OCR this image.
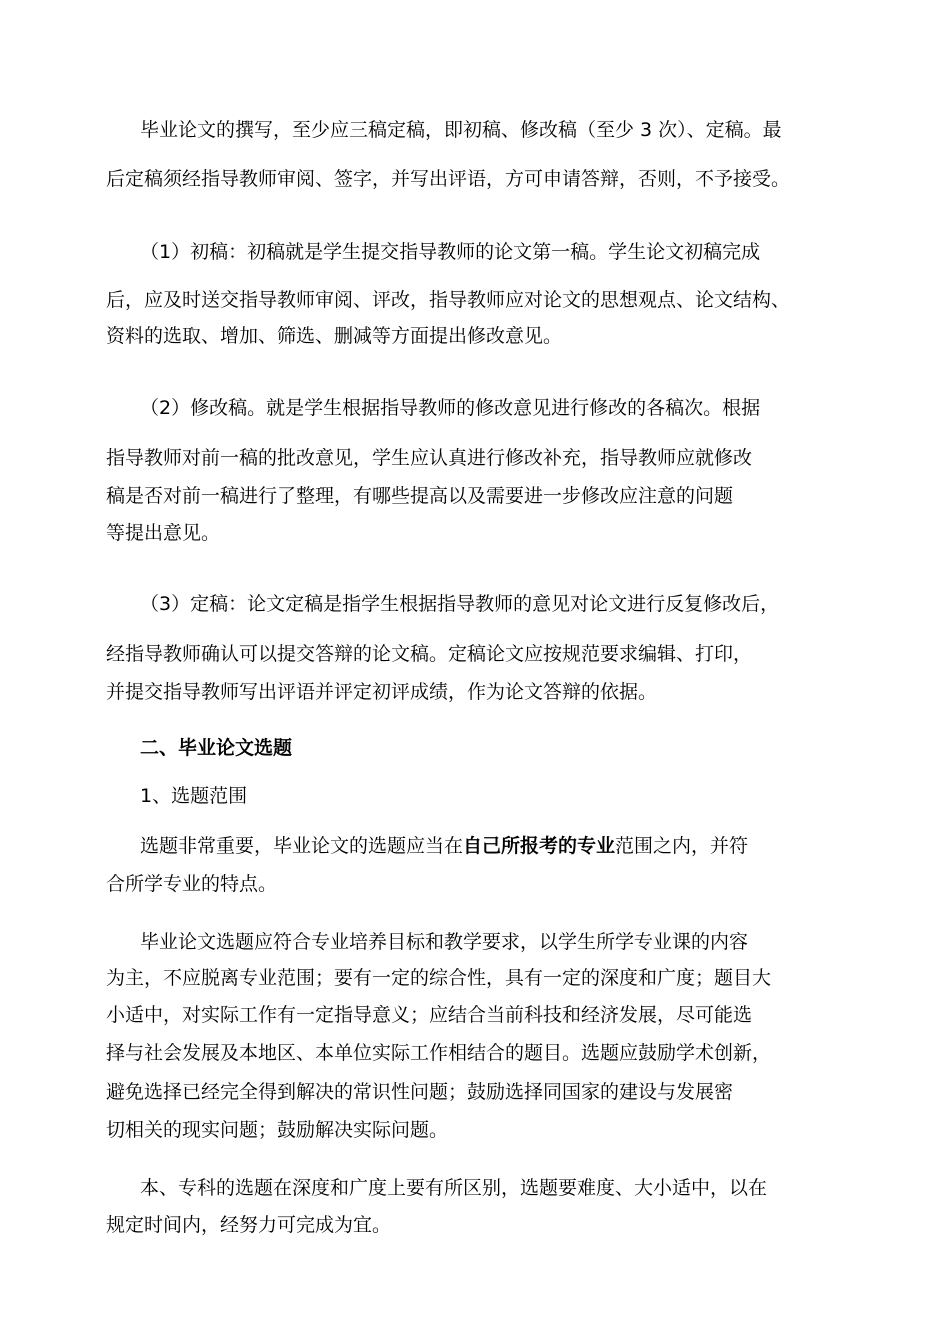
毕业论文的撰写，至少应三稿定稿，即初稿、修改稿（至少 3 次）、定稿。最
后定稿须经指导教师审阅、签字，并写出评语，方可申请答辩，否则，不予接受。
（1）初稿：初稿就是学生提交指导教师的论文第一稿。学生论文初稿完成
后，应及时送交指导教师审阅、评改，指导教师应对论文的思想观点、论文结构、
资料的选取、增加、筛选、删减等方面提出修改意见。
（2）修改稿。就是学生根据指导教师的修改意见进行修改的各稿次。根据
指导教师对前一稿的批改意见，学生应认真进行修改补充，指导教师应就修改
稿是否对前一稿进行了整理，有哪些提高以及需要进一步修改应注意的问题
等提出意见。
（3）定稿：论文定稿是指学生根据指导教师的意见对论文进行反复修改后，
经指导教师确认可以提交答辩的论文稿。定稿论文应按规范要求编辑、打印，
并提交指导教师写出评语并评定初评成绩，作为论文答辩的依据。
二、毕业论文选题
1、选题范围
选题非常重要，毕业论文的选题应当在自己所报考的专业范围之内，并符
合所学专业的特点。
毕业论文选题应符合专业培养目标和教学要求，以学生所学专业课的内容
为主，不应脱离专业范围；要有一定的综合性，具有一定的深度和广度；题目大
小适中，对实际工作有一定指导意义；应结合当前科技和经济发展，尽可能选
择与社会发展及本地区、本单位实际工作相结合的题目。选题应鼓励学术创新，
避免选择已经完全得到解决的常识性问题；鼓励选择同国家的建设与发展密
切相关的现实问题；鼓励解决实际问题。
本、专科的选题在深度和广度上要有所区别，选题要难度、大小适中，以在
规定时间内，经努力可完成为宜。
